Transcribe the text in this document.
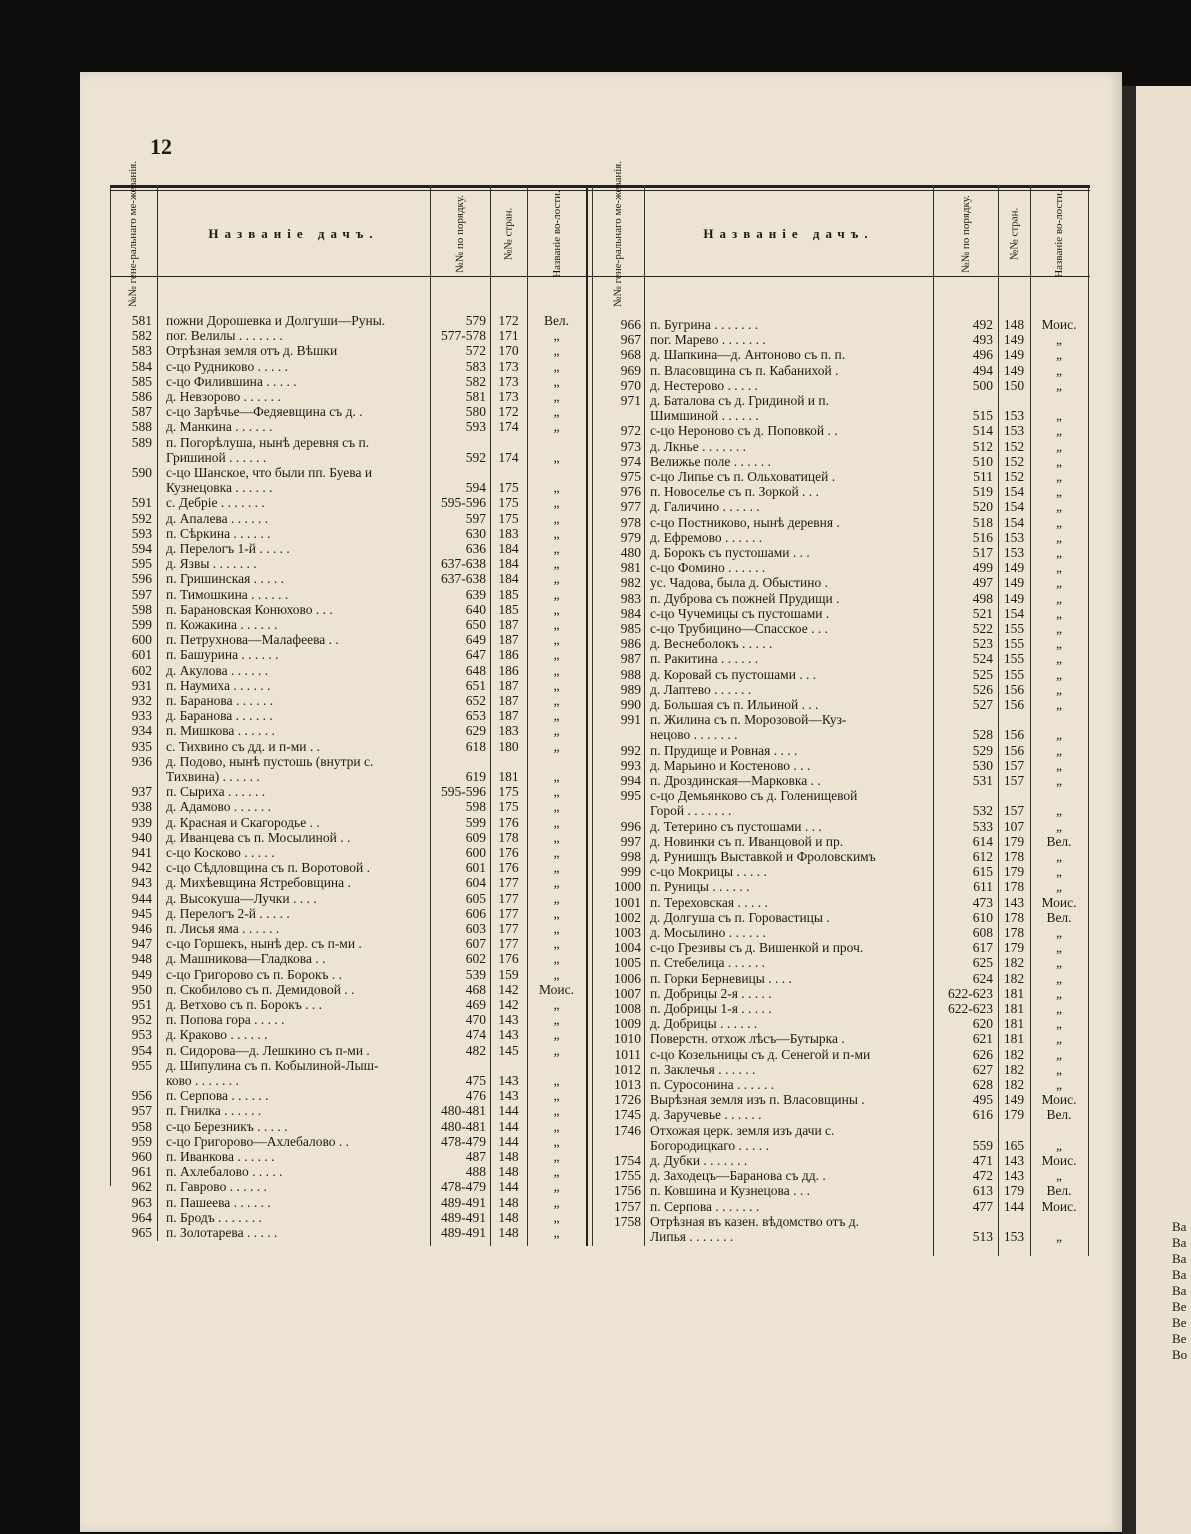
Ва
Ва
Ва
Ва
Ва
Ве
Ве
Ве
Во
12
№№ гене-ральнаго ме-жеванія.	Названіе дачъ.	№№ по порядку.	№№ стран.	Названіе во-лости.	№№ гене-ральнаго ме-жеванія.	Названіе дачъ.	№№ по порядку.	№№ стран.	Названіе во-лости.
581 пожни Дорошевка и Долгуши—Руны.	579 172	Вел.
582 пог. Велилы . . . . . . .	577-578 171	„
583 Отрѣзная земля отъ д. Вѣшки	572 170	„
584 с-цо Рудниково . . . . .	583 173	„
585 с-цо Филившина . . . . .	582 173	„
586 д. Невзорово . . . . . .	581 173	„
587 с-цо Зарѣчье—Федяевщина съ д. .	580 172	„
588 д. Манкина . . . . . .	593 174	„
589 п. Погорѣлуша, нынѣ деревня съ п.
Гришиной . . . . . .	592 174	„
590 с-цо Шанское, что были пп. Буева и
Кузнецовка . . . . . .	594 175	„
591 с. Дебріе . . . . . . .	595-596 175	„
592 д. Апалева . . . . . .	597 175	„
593 п. Сѣркина . . . . . .	630 183	„
594 д. Перелогъ 1-й . . . . .	636 184	„
595 д. Язвы . . . . . . .	637-638 184	„
596 п. Гришинская . . . . .	637-638 184	„
597 п. Тимошкина . . . . . .	639 185	„
598 п. Барановская Конюхово . . .	640 185	„
599 п. Кожакина . . . . . .	650 187	„
600 п. Петрухнова—Малафеева . .	649 187	„
601 п. Башурина . . . . . .	647 186	„
602 д. Акулова . . . . . .	648 186	„
931 п. Наумиха . . . . . .	651 187	„
932 п. Баранова . . . . . .	652 187	„
933 д. Баранова . . . . . .	653 187	„
934 п. Мишкова . . . . . .	629 183	„
935 с. Тихвино съ дд. и п-ми . .	618 180	„
936 д. Подово, нынѣ пустошь (внутри с.
Тихвина) . . . . . .	619 181	„
937 п. Сыриха . . . . . .	595-596 175	„
938 д. Адамово . . . . . .	598 175	„
939 д. Красная и Скагородье . .	599 176	„
940 д. Иванцева съ п. Мосылиной . .	609 178	„
941 с-цо Косково . . . . .	600 176	„
942 с-цо Сѣдловщина съ п. Воротовой .	601 176	„
943 д. Михѣевщина Ястребовщина .	604 177	„
944 д. Высокуша—Лучки . . . .	605 177	„
945 д. Перелогъ 2-й . . . . .	606 177	„
946 п. Лисья яма . . . . . .	603 177	„
947 с-цо Горшекъ, нынѣ дер. съ п-ми .	607 177	„
948 д. Машникова—Гладкова . .	602 176	„
949 с-цо Григорово съ п. Борокъ . .	539 159	„
950 п. Скобилово съ п. Демидовой . .	468 142	Моис.
951 д. Ветхово съ п. Борокъ . . .	469 142	„
952 п. Попова гора . . . . .	470 143	„
953 д. Краково . . . . . .	474 143	„
954 п. Сидорова—д. Лешкино съ п-ми .	482 145	„
955 д. Шипулина съ п. Кобылиной-Лыш-
ково . . . . . . .	475 143	„
956 п. Серпова . . . . . .	476 143	„
957 п. Гнилка . . . . . .	480-481 144	„
958 с-цо Березникъ . . . . .	480-481 144	„
959 с-цо Григорово—Ахлебалово . .	478-479 144	„
960 п. Иванкова . . . . . .	487 148	„
961 п. Ахлебалово . . . . .	488 148	„
962 п. Гаврово . . . . . .	478-479 144	„
963 п. Пашеева . . . . . .	489-491 148	„
964 п. Бродъ . . . . . . .	489-491 148	„
965 п. Золотарева . . . . .	489-491 148	„
966 п. Бугрина . . . . . . .	492 148	Моис.
967 пог. Марево . . . . . . .	493 149	„
968 д. Шапкина—д. Антоново съ п. п.	496 149	„
969 п. Власовщина съ п. Кабанихой .	494 149	„
970 д. Нестерово . . . . .	500 150	„
971 д. Баталова съ д. Гридиной и п.
Шимшиной . . . . . .	515 153	„
972 с-цо Нероново съ д. Поповкой . .	514 153	„
973 д. Лкнье . . . . . . .	512 152	„
974 Велижье поле . . . . . .	510 152	„
975 с-цо Липье съ п. Ольховатицей .	511 152	„
976 п. Новоселье съ п. Зоркой . . .	519 154	„
977 д. Галичино . . . . . .	520 154	„
978 с-цо Постниково, нынѣ деревня .	518 154	„
979 д. Ефремово . . . . . .	516 153	„
480 д. Борокъ съ пустошами . . .	517 153	„
981 с-цо Фомино . . . . . .	499 149	„
982 ус. Чадова, была д. Обыстино .	497 149	„
983 п. Дуброва съ пожней Прудищи .	498 149	„
984 с-цо Чучемицы съ пустошами .	521 154	„
985 с-цо Трубицино—Спасское . . .	522 155	„
986 д. Веснеболокъ . . . . .	523 155	„
987 п. Ракитина . . . . . .	524 155	„
988 д. Коровай съ пустошами . . .	525 155	„
989 д. Лаптево . . . . . .	526 156	„
990 д. Большая съ п. Ильиной . . .	527 156	„
991 п. Жилина съ п. Морозовой—Куз-
нецово . . . . . . .	528 156	„
992 п. Прудище и Ровная . . . .	529 156	„
993 д. Марьино и Костеново . . .	530 157	„
994 п. Дроздинская—Марковка . .	531 157	„
995 с-цо Демьянково съ д. Голенищевой
Горой . . . . . . .	532 157	„
996 д. Тетерино съ пустошами . . .	533 107	„
997 д. Новинки съ п. Иванцовой и пр.	614 179	Вел.
998 д. Рунишцъ Выставкой и Фроловскимъ	612 178	„
999 с-цо Мокрицы . . . . .	615 179	„
1000 п. Руницы . . . . . .	611 178	„
1001 п. Тереховская . . . . .	473 143	Моис.
1002 д. Долгуша съ п. Горовастицы .	610 178	Вел.
1003 д. Мосылино . . . . . .	608 178	„
1004 с-цо Грезивы съ д. Вишенкой и проч.	617 179	„
1005 п. Стебелица . . . . . .	625 182	„
1006 п. Горки Берневицы . . . .	624 182	„
1007 п. Добрицы 2-я . . . . .	622-623 181	„
1008 п. Добрицы 1-я . . . . .	622-623 181	„
1009 д. Добрицы . . . . . .	620 181	„
1010 Поверстн. отхож лѣсъ—Бутырка .	621 181	„
1011 с-цо Козельницы съ д. Сенегой и п-ми	626 182	„
1012 п. Заклечья . . . . . .	627 182	„
1013 п. Суросонина . . . . . .	628 182	„
1726 Вырѣзная земля изъ п. Власовщины .	495 149	Моис.
1745 д. Заручевье . . . . . .	616 179	Вел.
1746 Отхожая церк. земля изъ дачи с.
Богородицкаго . . . . .	559 165	„
1754 д. Дубки . . . . . . .	471 143	Моис.
1755 д. Заходецъ—Баранова съ дд. .	472 143	„
1756 п. Ковшина и Кузнецова . . .	613 179	Вел.
1757 п. Серпова . . . . . . .	477 144	Моис.
1758 Отрѣзная въ казен. вѣдомство отъ д.
Липья . . . . . . .	513 153	„
